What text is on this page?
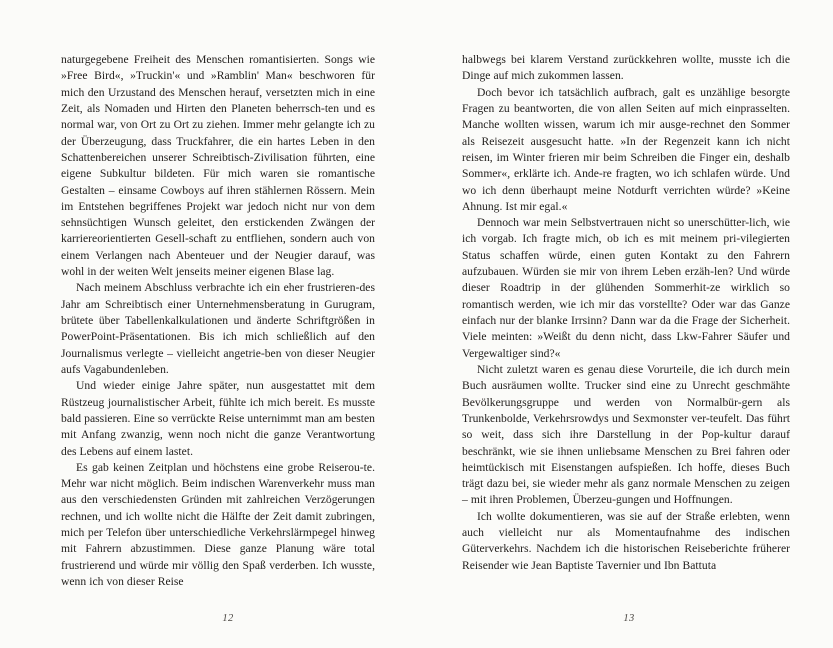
naturgegebene Freiheit des Menschen romantisierten. Songs wie »Free Bird«, »Truckin'« und »Ramblin' Man« beschworen für mich den Urzustand des Menschen herauf, versetzten mich in eine Zeit, als Nomaden und Hirten den Planeten beherrsch-ten und es normal war, von Ort zu Ort zu ziehen. Immer mehr gelangte ich zu der Überzeugung, dass Truckfahrer, die ein hartes Leben in den Schattenbereichen unserer Schreibtisch-Zivilisation führten, eine eigene Subkultur bildeten. Für mich waren sie romantische Gestalten – einsame Cowboys auf ihren stählernen Rössern. Mein im Entstehen begriffenes Projekt war jedoch nicht nur von dem sehnsüchtigen Wunsch geleitet, den erstickenden Zwängen der karriereorientierten Gesell-schaft zu entfliehen, sondern auch von einem Verlangen nach Abenteuer und der Neugier darauf, was wohl in der weiten Welt jenseits meiner eigenen Blase lag.

Nach meinem Abschluss verbrachte ich ein eher frustrieren-des Jahr am Schreibtisch einer Unternehmensberatung in Gurugram, brütete über Tabellenkalkulationen und änderte Schriftgrößen in PowerPoint-Präsentationen. Bis ich mich schließlich auf den Journalismus verlegte – vielleicht angetrie-ben von dieser Neugier aufs Vagabundenleben.

Und wieder einige Jahre später, nun ausgestattet mit dem Rüstzeug journalistischer Arbeit, fühlte ich mich bereit. Es musste bald passieren. Eine so verrückte Reise unternimmt man am besten mit Anfang zwanzig, wenn noch nicht die ganze Verantwortung des Lebens auf einem lastet.

Es gab keinen Zeitplan und höchstens eine grobe Reiserou-te. Mehr war nicht möglich. Beim indischen Warenverkehr muss man aus den verschiedensten Gründen mit zahlreichen Verzögerungen rechnen, und ich wollte nicht die Hälfte der Zeit damit zubringen, mich per Telefon über unterschiedliche Verkehrslärmpegel hinweg mit Fahrern abzustimmen. Diese ganze Planung wäre total frustrierend und würde mir völlig den Spaß verderben. Ich wusste, wenn ich von dieser Reise

12

halbwegs bei klarem Verstand zurückkehren wollte, musste ich die Dinge auf mich zukommen lassen.

Doch bevor ich tatsächlich aufbrach, galt es unzählige besorgte Fragen zu beantworten, die von allen Seiten auf mich einprasselten. Manche wollten wissen, warum ich mir ausge-rechnet den Sommer als Reisezeit ausgesucht hatte. »In der Regenzeit kann ich nicht reisen, im Winter frieren mir beim Schreiben die Finger ein, deshalb Sommer«, erklärte ich. Ande-re fragten, wo ich schlafen würde. Und wo ich denn überhaupt meine Notdurft verrichten würde? »Keine Ahnung. Ist mir egal.«

Dennoch war mein Selbstvertrauen nicht so unerschütter-lich, wie ich vorgab. Ich fragte mich, ob ich es mit meinem pri-vilegierten Status schaffen würde, einen guten Kontakt zu den Fahrern aufzubauen. Würden sie mir von ihrem Leben erzäh-len? Und würde dieser Roadtrip in der glühenden Sommerhit-ze wirklich so romantisch werden, wie ich mir das vorstellte? Oder war das Ganze einfach nur der blanke Irrsinn? Dann war da die Frage der Sicherheit. Viele meinten: »Weißt du denn nicht, dass Lkw-Fahrer Säufer und Vergewaltiger sind?«

Nicht zuletzt waren es genau diese Vorurteile, die ich durch mein Buch ausräumen wollte. Trucker sind eine zu Unrecht geschmähte Bevölkerungsgruppe und werden von Normalbür-gern als Trunkenbolde, Verkehrsrowdys und Sexmonster ver-teufelt. Das führt so weit, dass sich ihre Darstellung in der Pop-kultur darauf beschränkt, wie sie ihnen unliebsame Menschen zu Brei fahren oder heimtückisch mit Eisenstangen aufspießen. Ich hoffe, dieses Buch trägt dazu bei, sie wieder mehr als ganz normale Menschen zu zeigen – mit ihren Problemen, Überzeu-gungen und Hoffnungen.

Ich wollte dokumentieren, was sie auf der Straße erlebten, wenn auch vielleicht nur als Momentaufnahme des indischen Güterverkehrs. Nachdem ich die historischen Reiseberichte früherer Reisender wie Jean Baptiste Tavernier und Ibn Battuta

13
